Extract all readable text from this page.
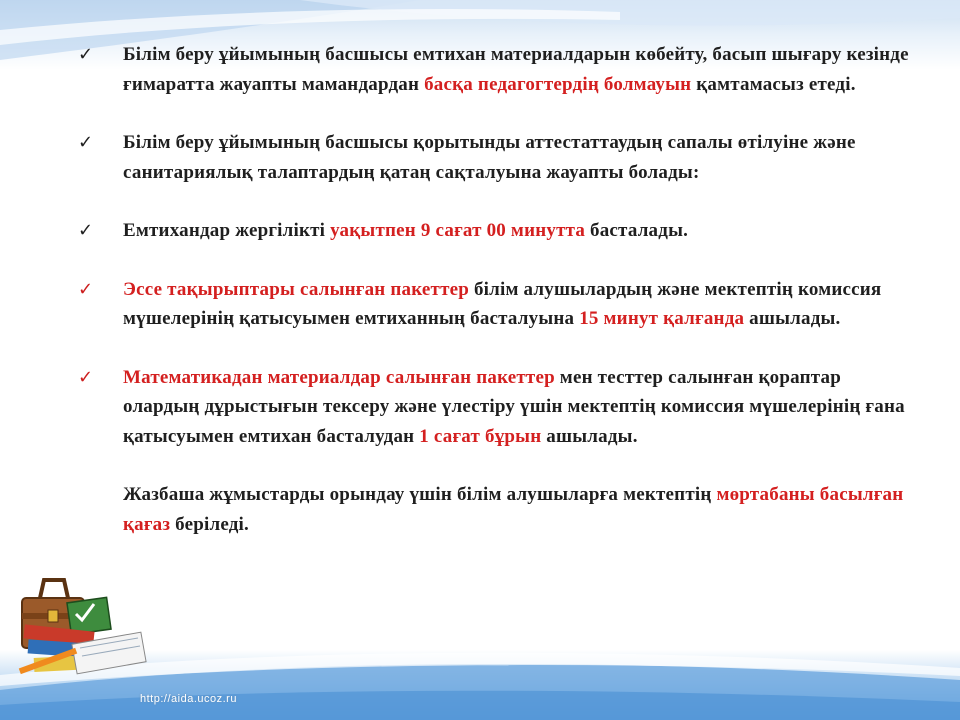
✓ Білім беру ұйымының басшысы емтихан материалдарын көбейту, басып шығару кезінде ғимаратта жауапты мамандардан басқа педагогтердің болмауын қамтамасыз етеді.
✓ Білім беру ұйымының басшысы қорытынды аттестаттаудың сапалы өтілуіне және санитариялық талаптардың қатаң сақталуына жауапты болады:
✓ Емтихандар жергілікті уақытпен 9 сағат 00 минутта басталады.
✓ Эссе тақырыптары салынған пакеттер білім алушылардың және мектептің комиссия мүшелерінің қатысуымен емтиханның басталуына 15 минут қалғанда ашылады.
✓ Математикадан материалдар салынған пакеттер мен тесттер салынған қораптар олардың дұрыстығын тексеру және үлестіру үшін мектептің комиссия мүшелерінің ғана қатысуымен емтихан басталудан 1 сағат бұрын ашылады.
Жазбаша жұмыстарды орындау үшін білім алушыларға мектептің мөртабаны басылған қағаз беріледі.
http://aida.ucoz.ru
